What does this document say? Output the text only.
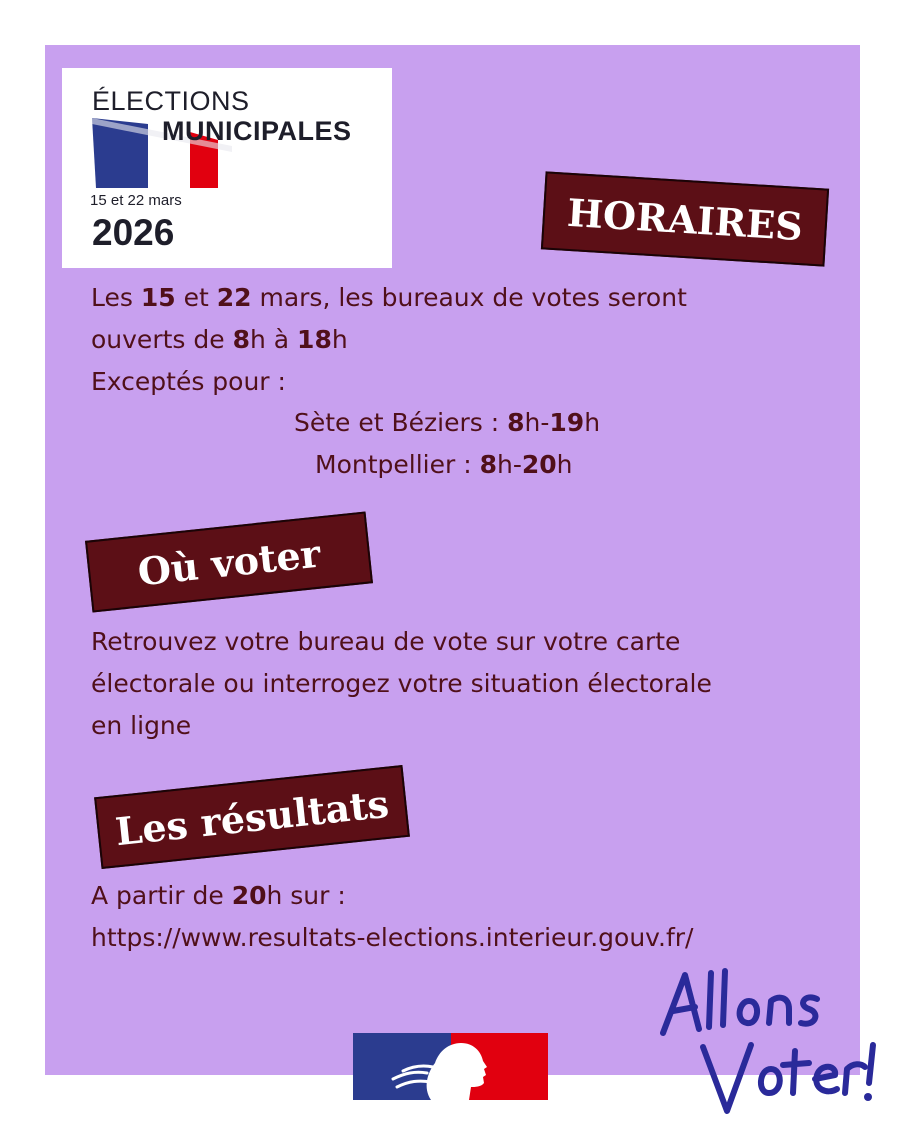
ÉLECTIONS
MUNICIPALES
15 et 22 mars
2026	HORAIRES
Les 15 et 22 mars, les bureaux de votes seront
ouverts de 8h à 18h
Exceptés pour :
Sète et Béziers : 8h-19h
Montpellier : 8h-20h
Où voter
Retrouvez votre bureau de vote sur votre carte
électorale ou interrogez votre situation électorale
en ligne
Les résultats
A partir de 20h sur :
https://www.resultats-elections.interieur.gouv.fr/
